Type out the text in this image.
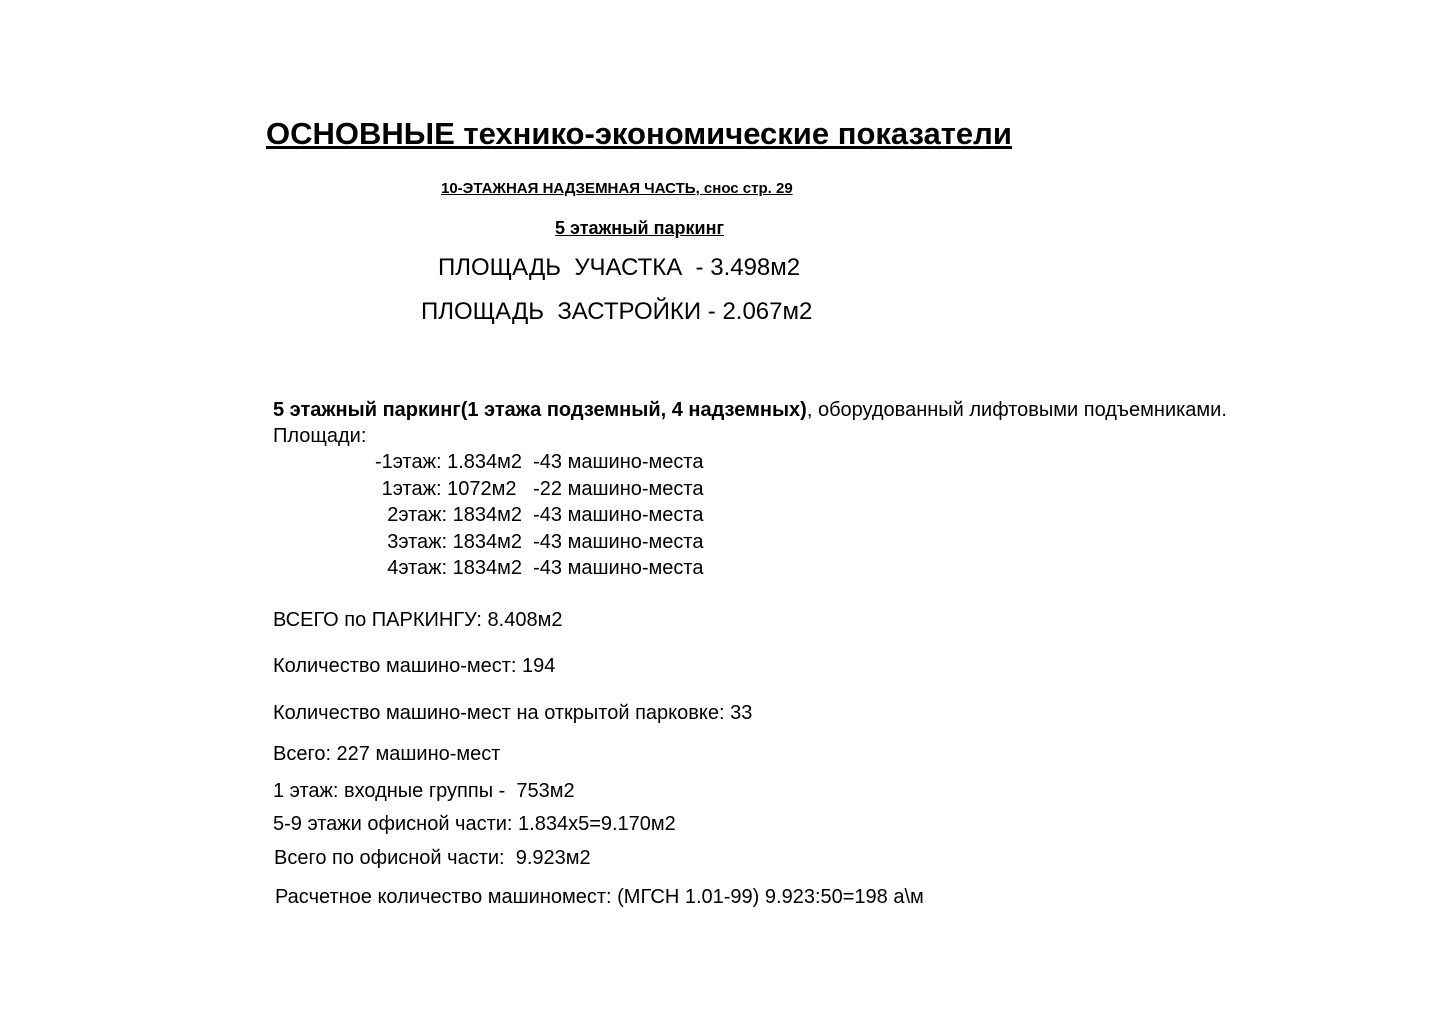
ОСНОВНЫЕ технико-экономические показатели
10-ЭТАЖНАЯ НАДЗЕМНАЯ ЧАСТЬ, снос стр. 29
5 этажный паркинг
ПЛОЩАДЬ  УЧАСТКА  - 3.498м2
ПЛОЩАДЬ  ЗАСТРОЙКИ - 2.067м2
5 этажный паркинг(1 этажа подземный, 4 надземных), оборудованный лифтовыми подъемниками.
Площади:
-1этаж: 1.834м2  -43 машино-места
1этаж: 1072м2   -22 машино-места
2этаж: 1834м2  -43 машино-места
3этаж: 1834м2  -43 машино-места
4этаж: 1834м2  -43 машино-места
ВСЕГО по ПАРКИНГУ: 8.408м2
Количество машино-мест: 194
Количество машино-мест на открытой парковке: 33
Всего: 227 машино-мест
1 этаж: входные группы -  753м2
5-9 этажи офисной части: 1.834х5=9.170м2
Всего по офисной части:  9.923м2
Расчетное количество машиномест: (МГСН 1.01-99) 9.923:50=198 а\м
